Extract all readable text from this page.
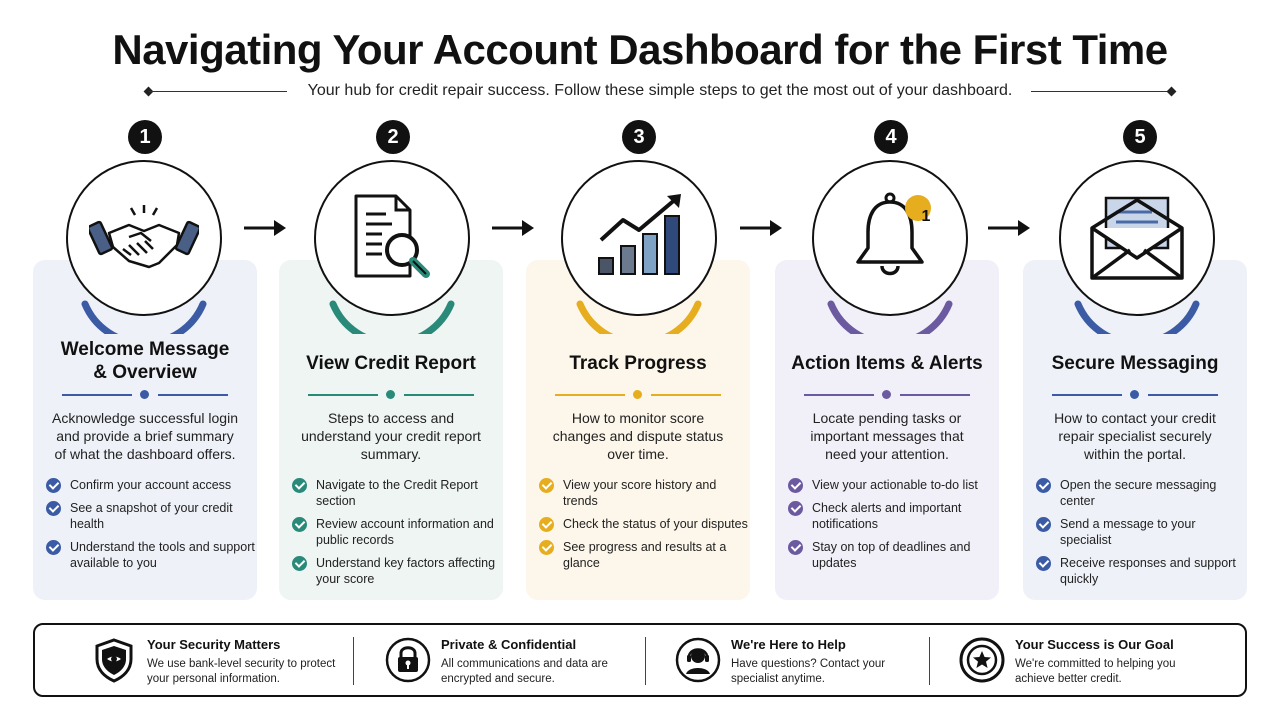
Navigating Your Account Dashboard for the First Time
Your hub for credit repair success. Follow these simple steps to get the most out of your dashboard.
1
Welcome Message
& Overview
Acknowledge successful login and provide a brief summary of what the dashboard offers.
Confirm your account access
See a snapshot of your credit health
Understand the tools and support available to you
2
View Credit Report
Steps to access and understand your credit report summary.
Navigate to the Credit Report section
Review account information and public records
Understand key factors affecting your score
3
Track Progress
How to monitor score changes and dispute status over time.
View your score history and trends
Check the status of your disputes
See progress and results at a glance
1
4
Action Items & Alerts
Locate pending tasks or important messages that need your attention.
View your actionable to-do list
Check alerts and important notifications
Stay on top of deadlines and updates
5
Secure Messaging
How to contact your credit repair specialist securely within the portal.
Open the secure messaging center
Send a message to your specialist
Receive responses and support quickly
Your Security Matters
We use bank-level security to protect your personal information.
Private & Confidential
All communications and data are encrypted and secure.
We're Here to Help
Have questions? Contact your specialist anytime.
Your Success is Our Goal
We're committed to helping you achieve better credit.
